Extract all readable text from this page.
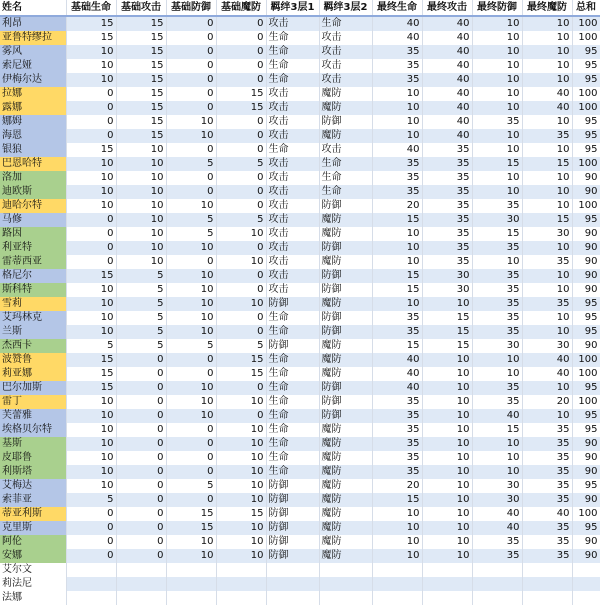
姓名	基础生命	基础攻击	基础防御	基础魔防	羁绊3层1	羁绊3层2	最终生命	最终攻击	最终防御	最终魔防	总和
利昂	15	15	0	0	攻击	生命	40	40	10	10	100
亚鲁特缪拉	15	15	0	0	生命	攻击	40	40	10	10	100
雾风	10	15	0	0	生命	攻击	35	40	10	10	95
索尼娅	10	15	0	0	生命	攻击	35	40	10	10	95
伊梅尔达	10	15	0	0	生命	攻击	35	40	10	10	95
拉娜	0	15	0	15	攻击	魔防	10	40	10	40	100
露娜	0	15	0	15	攻击	魔防	10	40	10	40	100
娜姆	0	15	10	0	攻击	防御	10	40	35	10	95
海恩	0	15	10	0	攻击	魔防	10	40	10	35	95
银狼	15	10	0	0	生命	攻击	40	35	10	10	95
巴恩哈特	10	10	5	5	攻击	生命	35	35	15	15	100
洛加	10	10	0	0	攻击	生命	35	35	10	10	90
迪欧斯	10	10	0	0	攻击	生命	35	35	10	10	90
迪哈尔特	10	10	10	0	攻击	防御	20	35	35	10	100
马修	0	10	5	5	攻击	魔防	15	35	30	15	95
路因	0	10	5	10	攻击	魔防	10	35	15	30	90
利亚特	0	10	10	0	攻击	防御	10	35	35	10	90
雷蒂西亚	0	10	0	10	攻击	魔防	10	35	10	35	90
格尼尔	15	5	10	0	攻击	防御	15	30	35	10	90
斯科特	10	5	10	0	攻击	防御	15	30	35	10	90
雪莉	10	5	10	10	防御	魔防	10	10	35	35	95
艾玛林克	10	5	10	0	生命	防御	35	15	35	10	95
兰斯	10	5	10	0	生命	防御	35	15	35	10	95
杰西卡	5	5	5	5	防御	魔防	15	15	30	30	90
波赞鲁	15	0	0	15	生命	魔防	40	10	10	40	100
莉亚娜	15	0	0	15	生命	魔防	40	10	10	40	100
巴尔加斯	15	0	10	0	生命	防御	40	10	35	10	95
雷丁	10	0	10	10	生命	防御	35	10	35	20	100
芙蕾雅	10	0	10	0	生命	防御	35	10	40	10	95
埃格贝尔特	10	0	0	10	生命	魔防	35	10	15	35	95
基斯	10	0	0	10	生命	魔防	35	10	10	35	90
皮耶鲁	10	0	0	10	生命	魔防	35	10	10	35	90
利斯塔	10	0	0	10	生命	魔防	35	10	10	35	90
艾梅达	10	0	5	10	防御	魔防	20	10	30	35	95
索菲亚	5	0	0	10	防御	魔防	15	10	30	35	90
蒂亚利斯	0	0	15	15	防御	魔防	10	10	40	40	100
克里斯	0	0	15	10	防御	魔防	10	10	40	35	95
阿伦	0	0	10	10	防御	魔防	10	10	35	35	90
安娜	0	0	10	10	防御	魔防	10	10	35	35	90
艾尔文											
莉法尼											
法娜											
